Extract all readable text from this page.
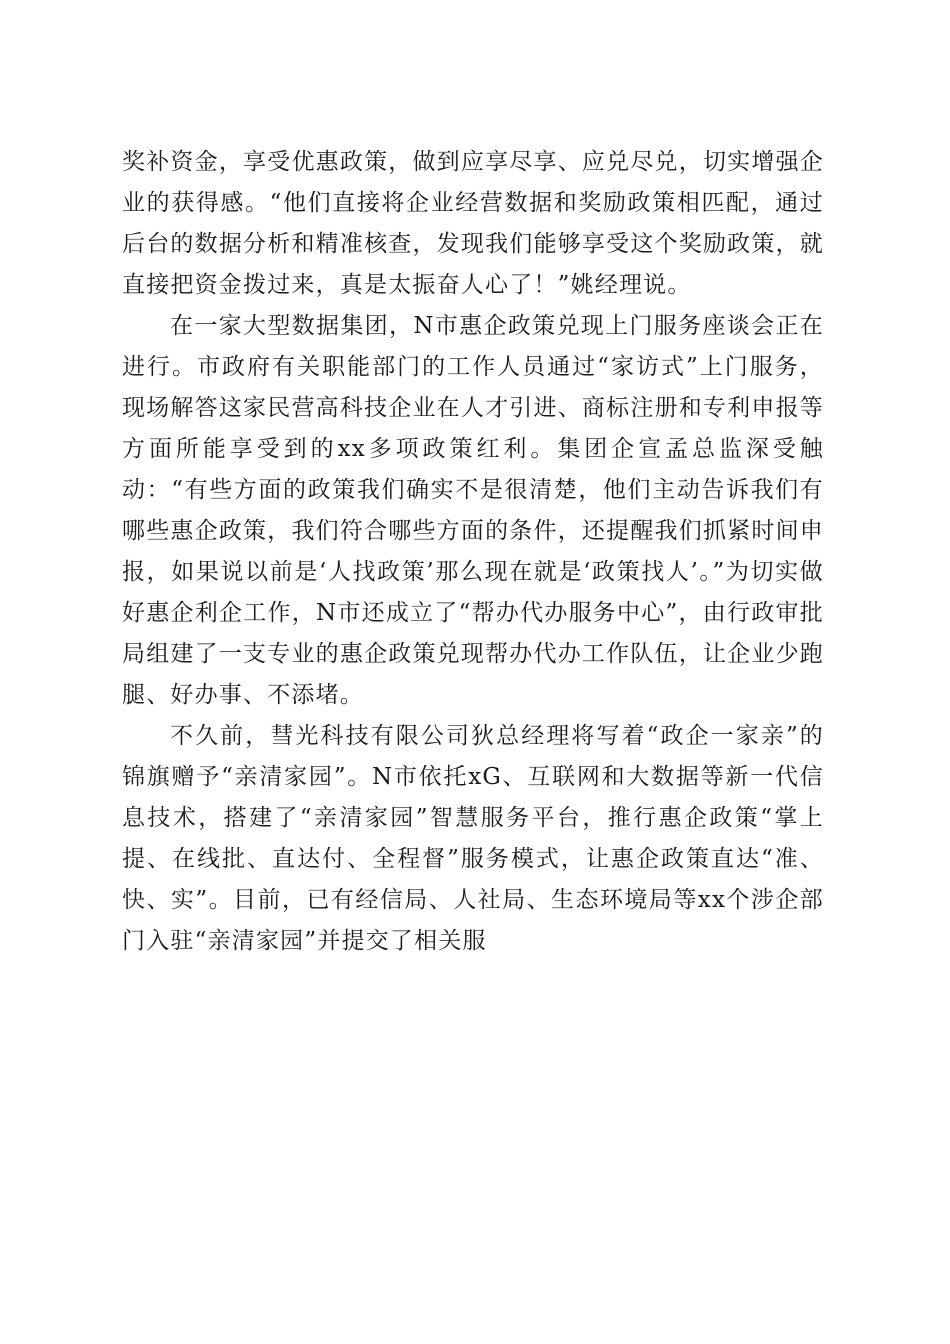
奖补资金，享受优惠政策，做到应享尽享、应兑尽兑，切实增强企业的获得感。“他们直接将企业经营数据和奖励政策相匹配，通过后台的数据分析和精准核查，发现我们能够享受这个奖励政策，就直接把资金拨过来，真是太振奋人心了！”姚经理说。

在一家大型数据集团，N市惠企政策兑现上门服务座谈会正在进行。市政府有关职能部门的工作人员通过“家访式”上门服务，现场解答这家民营高科技企业在人才引进、商标注册和专利申报等方面所能享受到的xx多项政策红利。集团企宣孟总监深受触动：“有些方面的政策我们确实不是很清楚，他们主动告诉我们有哪些惠企政策，我们符合哪些方面的条件，还提醒我们抓紧时间申报，如果说以前是‘人找政策’那么现在就是‘政策找人’。”为切实做好惠企利企工作，N市还成立了“帮办代办服务中心”，由行政审批局组建了一支专业的惠企政策兑现帮办代办工作队伍，让企业少跑腿、好办事、不添堵。

不久前，彗光科技有限公司狄总经理将写着“政企一家亲”的锦旗赠予“亲清家园”。N市依托xG、互联网和大数据等新一代信息技术，搭建了“亲清家园”智慧服务平台，推行惠企政策“掌上提、在线批、直达付、全程督”服务模式，让惠企政策直达“准、快、实”。目前，已有经信局、人社局、生态环境局等xx个涉企部门入驻“亲清家园”并提交了相关服
